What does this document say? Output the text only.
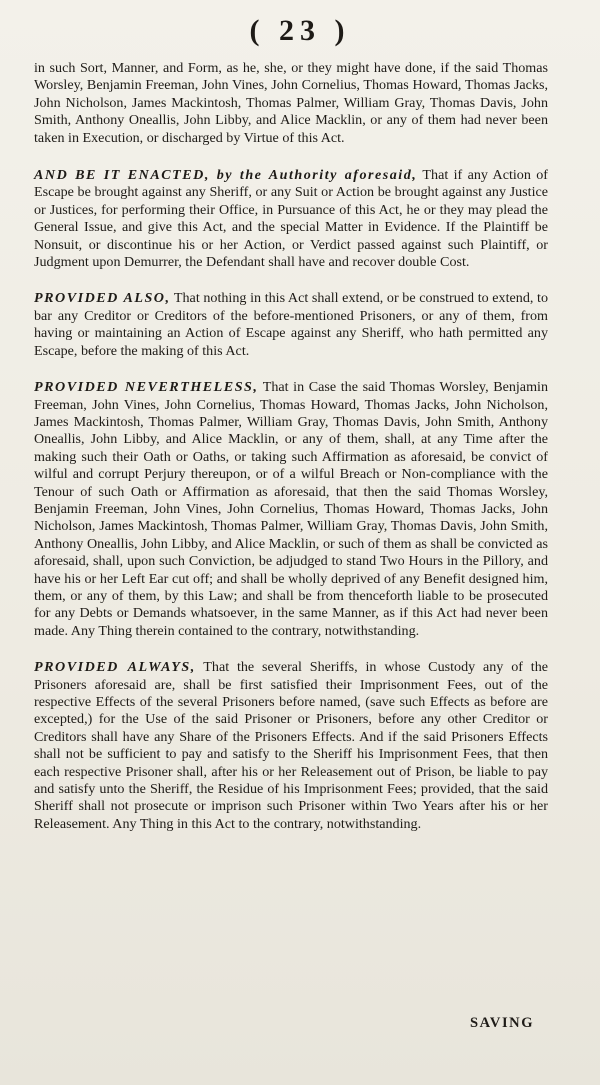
( 23 )

in such Sort, Manner, and Form, as he, she, or they might have done, if the said Thomas Worsley, Benjamin Freeman, John Vines, John Cornelius, Thomas Howard, Thomas Jacks, John Nicholson, James Mackintosh, Thomas Palmer, William Gray, Thomas Davis, John Smith, Anthony Oneallis, John Libby, and Alice Macklin, or any of them had never been taken in Execution, or discharged by Virtue of this Act.

AND BE IT ENACTED, by the Authority aforesaid, That if any Action of Escape be brought against any Sheriff, or any Suit or Action be brought against any Justice or Justices, for performing their Office, in Pursuance of this Act, he or they may plead the General Issue, and give this Act, and the special Matter in Evidence. If the Plaintiff be Nonsuit, or discontinue his or her Action, or Verdict passed against such Plaintiff, or Judgment upon Demurrer, the Defendant shall have and recover double Cost.

PROVIDED ALSO, That nothing in this Act shall extend, or be construed to extend, to bar any Creditor or Creditors of the before-mentioned Prisoners, or any of them, from having or maintaining an Action of Escape against any Sheriff, who hath permitted any Escape, before the making of this Act.

PROVIDED NEVERTHELESS, That in Case the said Thomas Worsley, Benjamin Freeman, John Vines, John Cornelius, Thomas Howard, Thomas Jacks, John Nicholson, James Mackintosh, Thomas Palmer, William Gray, Thomas Davis, John Smith, Anthony Oneallis, John Libby, and Alice Macklin, or any of them, shall, at any Time after the making such their Oath or Oaths, or taking such Affirmation as aforesaid, be convict of wilful and corrupt Perjury thereupon, or of a wilful Breach or Non-compliance with the Tenour of such Oath or Affirmation as aforesaid, that then the said Thomas Worsley, Benjamin Freeman, John Vines, John Cornelius, Thomas Howard, Thomas Jacks, John Nicholson, James Mackintosh, Thomas Palmer, William Gray, Thomas Davis, John Smith, Anthony Oneallis, John Libby, and Alice Macklin, or such of them as shall be convicted as aforesaid, shall, upon such Conviction, be adjudged to stand Two Hours in the Pillory, and have his or her Left Ear cut off; and shall be wholly deprived of any Benefit designed him, them, or any of them, by this Law; and shall be from thenceforth liable to be prosecuted for any Debts or Demands whatsoever, in the same Manner, as if this Act had never been made. Any Thing therein contained to the contrary, notwithstanding.

PROVIDED ALWAYS, That the several Sheriffs, in whose Custody any of the Prisoners aforesaid are, shall be first satisfied their Imprisonment Fees, out of the respective Effects of the several Prisoners before named, (save such Effects as before are excepted,) for the Use of the said Prisoner or Prisoners, before any other Creditor or Creditors shall have any Share of the Prisoners Effects. And if the said Prisoners Effects shall not be sufficient to pay and satisfy to the Sheriff his Imprisonment Fees, that then each respective Prisoner shall, after his or her Releasement out of Prison, be liable to pay and satisfy unto the Sheriff, the Residue of his Imprisonment Fees; provided, that the said Sheriff shall not prosecute or imprison such Prisoner within Two Years after his or her Releasement. Any Thing in this Act to the contrary, notwithstanding.

SAVING
